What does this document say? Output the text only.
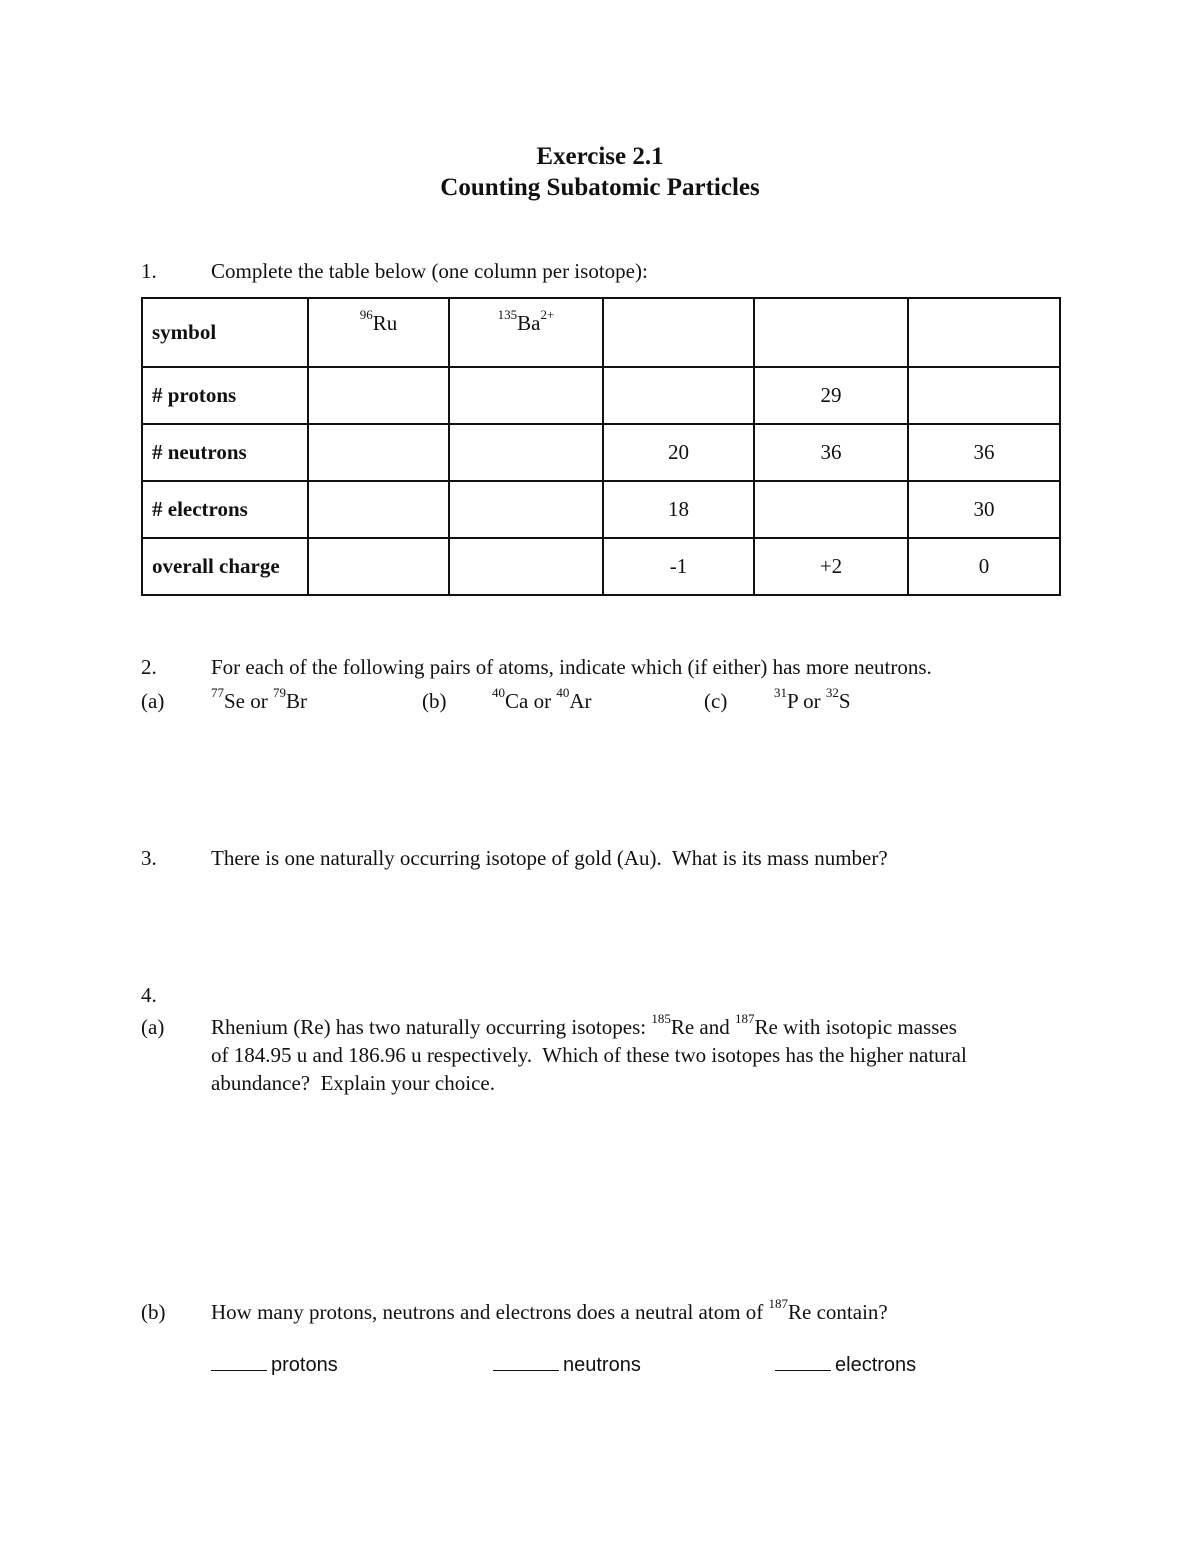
Exercise 2.1
Counting Subatomic Particles
1.	Complete the table below (one column per isotope):
symbol	$^{96}$Ru	$^{135}Ba^{2+}$			
# protons				29	
# neutrons			20	36	36
# electrons			18		30
overall charge			-1	+2	0
2.	For each of the following pairs of atoms, indicate which (if either) has more neutrons.
(a)	$^{77}$Se or $^{79}$Br	(b)	$^{40}$Ca or $^{40}$Ar	(c)	$^{31}$P or $^{32}$S
3.	There is one naturally occurring isotope of gold (Au).  What is its mass number?
4.
(a) Rhenium (Re) has two naturally occurring isotopes: $^{185}$Re and $^{187}$Re with isotopic masses
of 184.95 u and 186.96 u respectively.  Which of these two isotopes has the higher natural
abundance?  Explain your choice.
(b) How many protons, neutrons and electrons does a neutral atom of $^{187}$Re contain?
protons	neutrons	electrons
